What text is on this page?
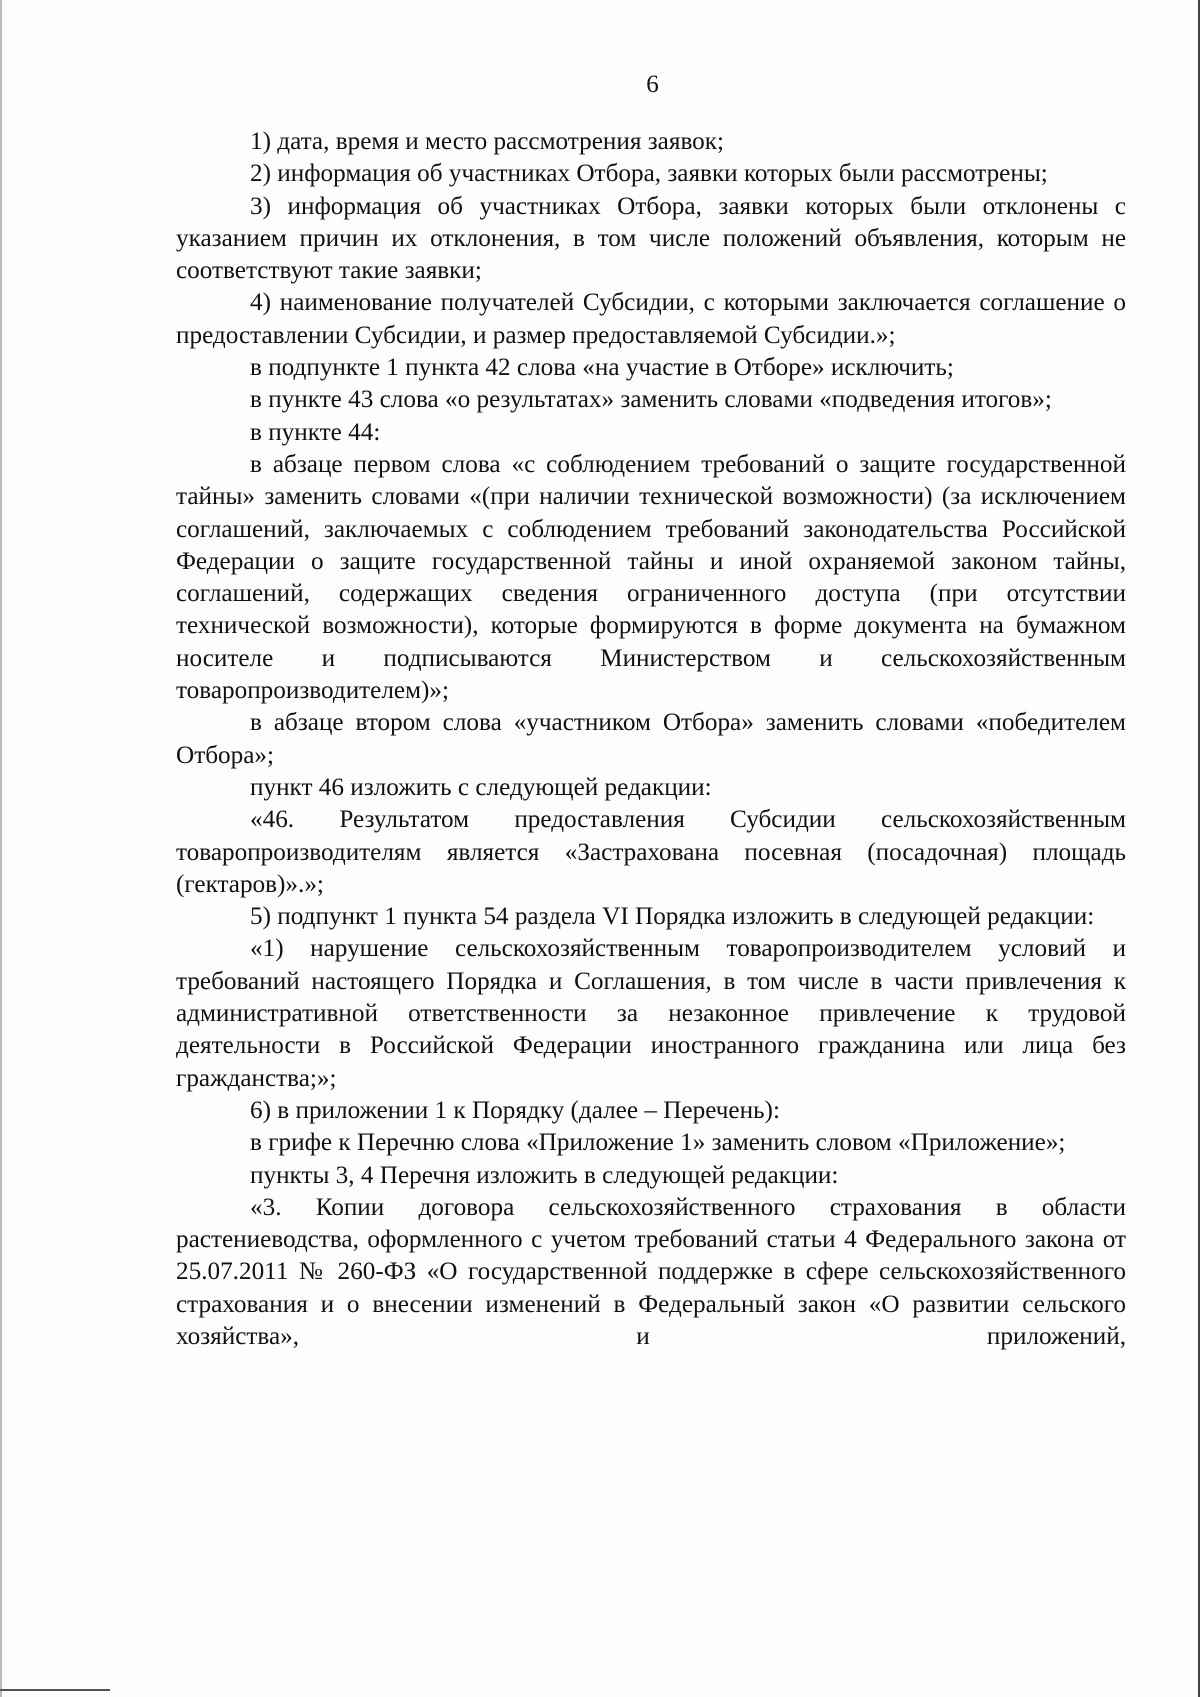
6

1) дата, время и место рассмотрения заявок;

2) информация об участниках Отбора, заявки которых были рассмотрены;

3) информация об участниках Отбора, заявки которых были отклонены с указанием причин их отклонения, в том числе положений объявления, которым не соответствуют такие заявки;

4) наименование получателей Субсидии, с которыми заключается соглашение о предоставлении Субсидии, и размер предоставляемой Субсидии.»;

в подпункте 1 пункта 42 слова «на участие в Отборе» исключить;

в пункте 43 слова «о результатах» заменить словами «подведения итогов»;

в пункте 44:

в абзаце первом слова «с соблюдением требований о защите государственной тайны» заменить словами «(при наличии технической возможности) (за исключением соглашений, заключаемых с соблюдением требований законодательства Российской Федерации о защите государственной тайны и иной охраняемой законом тайны, соглашений, содержащих сведения ограниченного доступа (при отсутствии технической возможности), которые формируются в форме документа на бумажном носителе и подписываются Министерством и сельскохозяйственным товаропроизводителем)»;

в абзаце втором слова «участником Отбора» заменить словами «победителем Отбора»;

пункт 46 изложить с следующей редакции:

«46. Результатом предоставления Субсидии сельскохозяйственным товаропроизводителям является «Застрахована посевная (посадочная) площадь (гектаров)».»;

5) подпункт 1 пункта 54 раздела VI Порядка изложить в следующей редакции:

«1) нарушение сельскохозяйственным товаропроизводителем условий и требований настоящего Порядка и Соглашения, в том числе в части привлечения к административной ответственности за незаконное привлечение к трудовой деятельности в Российской Федерации иностранного гражданина или лица без гражданства;»;

6) в приложении 1 к Порядку (далее – Перечень):

в грифе к Перечню слова «Приложение 1» заменить словом «Приложение»;

пункты 3, 4 Перечня изложить в следующей редакции:

«3. Копии договора сельскохозяйственного страхования в области растениеводства, оформленного с учетом требований статьи 4 Федерального закона от 25.07.2011 № 260-ФЗ «О государственной поддержке в сфере сельскохозяйственного страхования и о внесении изменений в Федеральный закон «О развитии сельского хозяйства», и приложений,
